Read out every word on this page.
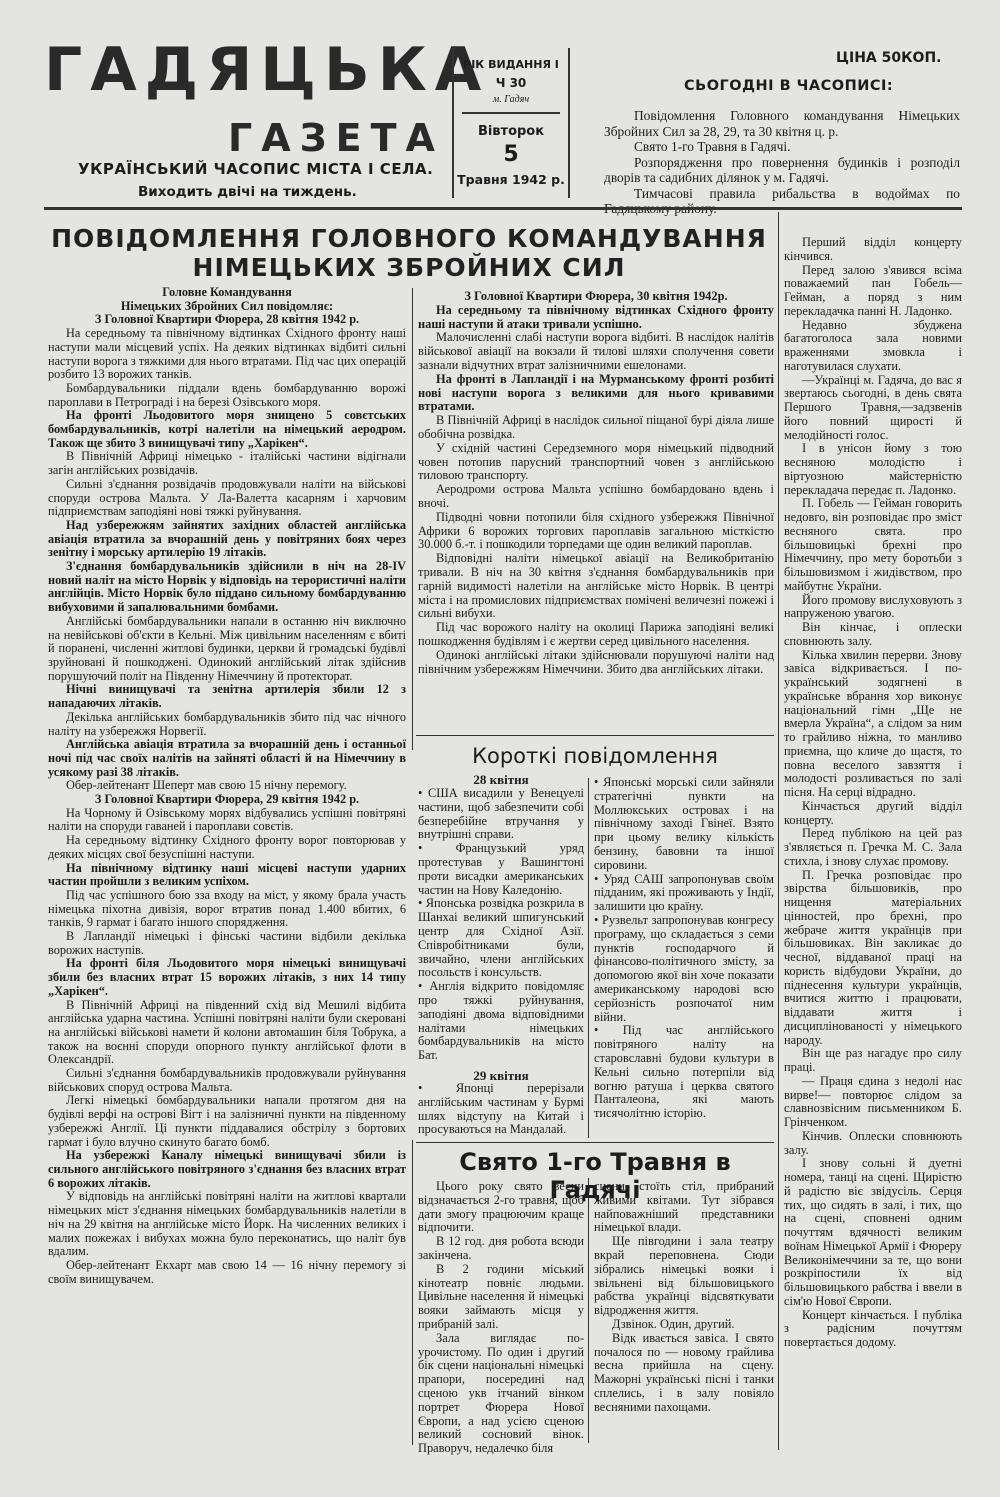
ГАДЯЦЬКА
ГАЗЕТА
УКРАЇНСЬКИЙ ЧАСОПИС МІСТА І СЕЛА.
Виходить двічі на тиждень.
РІК ВИДАННЯ І
Ч 30
м. Гадяч
Вівторок
5
Травня 1942 р.
ЦІНА 50КОП.
СЬОГОДНІ В ЧАСОПИСІ:

Повідомлення Головного командування Німецьких Збройних Сил за 28, 29, та 30 квітня ц. р.

Свято 1-го Травня в Гадячі.

Розпорядження про повернення будинків і розподіл дворів та садибних ділянок у м. Гадячі.

Тимчасові правила рибальства в водоймах по

ПОВІДОМЛЕННЯ ГОЛОВНОГО КОМАНДУВАННЯ
НІМЕЦЬКИХ ЗБРОЙНИХ СИЛ

Головне Командування

Німецьких Збройних Сил повідомляє:

З Головної Квартири Фюрера, 28 квітня 1942 р.

На середньому та північному відтинках Східного фронту наші наступи мали місцевий успіх. На деяких відтинках відбиті сильні наступи ворога з тяжкими для нього втратами. Під час цих операцій розбито 13 ворожих танків.

Бомбардувальники піддали вдень бомбардуванню ворожі пароплави в Петрограді і на березі Озівського моря.

На фронті Льодовитого моря знищено 5 совєтських бомбардувальників, котрі налетіли на німецький аеродром. Також ще збито 3 винищувачі типу „Харікен“.

В Північній Африці німецько - італійські частини відігнали загін англійських розвідачів.

Сильні з'єднання розвідачів продовжували наліти на військові споруди острова Мальта. У Ла-Валетта касарням і харчовим підприємствам заподіяні нові тяжкі руйнування.

Над узбережжям зайнятих західних областей англійська авіація втратила за вчорашній день у повітряних боях через зенітну і морську артилерію 19 літаків.

З'єднання бомбардувальників здійснили в ніч на 28-IV новий наліт на місто Норвік у відповідь на терористичні наліти англійців. Місто Норвік було піддано сильному бомбардуванню вибуховими й запалювальними бомбами.

Англійські бомбардувальники напали в останню ніч виключно на невійськові об'єкти в Кельні. Між цивільним населенням є вбиті й поранені, численні житлові будинки, церкви й громадські будівлі зруйновані й пошкоджені. Одинокий англійський літак здійснив порушуючий політ на Південну Німеччину й протекторат.

Нічні винищувачі та зенітна артилерія збили 12 з нападаючих літаків.

Декілька англійських бомбардувальників збито під час нічного наліту на узбережжя Норвегії.

Англійська авіація втратила за вчорашній день і останньої ночі під час своїх налітів на зайняті області й на Німеччину в усякому разі 38 літаків.

Обер-лейтенант Шеперт мав свою 15 нічну перемогу.

З Головної Квартири Фюрера, 29 квітня 1942 р.

На Чорному й Озівському морях відбувались успішні повітряні наліти на споруди гаваней і пароплави совєтів.

На середньому відтинку Східного фронту ворог повторював у деяких місцях свої безуспішні наступи.

На північному відтинку наші місцеві наступи ударних частин пройшли з великим успіхом.

Під час успішного бою зза входу на міст, у якому брала участь німецька піхотна дивізія, ворог втратив понад 1.400 вбитих, 6 танків, 9 гармат і багато іншого спорядження.

В Лапландії німецькі і фінські частини відбили декілька ворожих наступів.

На фронті біля Льодовитого моря німецькі винищувачі збили без власних втрат 15 ворожих літаків, з них 14 типу „Харікен“.

В Північній Африці на південний схід від Мешилі відбита англійська ударна частина. Успішні повітряні наліти були скеровані на англійські військові намети й колони автомашин біля Тобрука, а також на воєнні споруди опорного пункту англійської флоти в Олександрії.

Сильні з'єднання бомбардувальників продовжували руйнування військових споруд острова Мальта.

Легкі німецькі бомбардувальники напали протягом дня на будівлі верфі на острові Вігт і на залізничні пункти на південному узбережжі Англії. Ці пункти піддавалися обстрілу з бортових гармат і було влучно скинуто багато бомб.

На узбережжі Каналу німецькі винищувачі збили із сильного англійського повітряного з'єднання без власних втрат 6 ворожих літаків.

У відповідь на англійські повітряні наліти на житлові квартали німецьких міст з'єднання німецьких бомбардувальників налетіли в ніч на 29 квітня на англійське місто Йорк. На численних великих і малих пожежах і вибухах можна було переконатись, що наліт був вдалим.

Обер-лейтенант Екхарт мав свою 14 — 16 нічну перемогу зі своїм винищувачем.

З Головної Квартири Фюрера, 30 квітня 1942р.

На середньому та північному відтинках Східного фронту наші наступи й атаки тривали успішно.

Малочисленні слабі наступи ворога відбиті. В наслідок налітів військової авіації на вокзали й тилові шляхи сполучення совети зазнали відчутних втрат залізничними ешелонами.

На фронті в Лапландії і на Мурманському фронті розбиті нові наступи ворога з великими для нього кривавими втратами.

В Північній Африці в наслідок сильної піщаної бурі діяла лише обобічна розвідка.

У східній частині Середземного моря німецький підводний човен потопив парусний транспортний човен з англійською тиловою транспорту.

Аеродроми острова Мальта успішно бомбардовано вдень і вночі.

Підводні човни потопили біля східного узбережжя Північної Африки 6 ворожих торгових пароплавів загальною місткістю 30.000 б.-т. і пошкодили торпедами ще один великий пароплав.

Відповідні наліти німецької авіації на Великобританію тривали. В ніч на 30 квітня з'єднання бомбардувальників при гарній видимості налетіли на англійське місто Норвік. В центрі міста і на промислових підприємствах помічені величезні пожежі і сильні вибухи.

Під час ворожого наліту на околиці Парижа заподіяні великі пошкодження будівлям і є жертви серед цивільного населення.

Одинокі англійські літаки здійснювали порушуючі наліти над північним узбережжям Німеччини. Збито два англійських літаки.

Короткі повідомлення
28 квітня

• США висадили у Венецуелі частини, щоб забезпечити собі безперебійне втручання у внутрішні справи.

• Французький уряд протестував у Вашингтоні проти висадки американських частин на Нову Каледонію.

• Японська розвідка розкрила в Шанхаі великий шпигунський центр для Східної Азії. Співробітниками були, звичайно, члени англійських посольств і консульств.

• Англія відкрито повідомляє про тяжкі руйнування, заподіяні двома відповідними налітами німецьких бомбардувальників на місто Бат.

29 квітня

• Японці перерізали англійським частинам у Бурмі шлях відступу на Китай і просуваються на Мандалай.

• Японські морські сили зайняли стратегічні пункти на Моллюкських островах і на північному заході Гвінеї. Взято при цьому велику кількість бензину, бавовни та іншої сировини.

• Уряд САШ запропонував своїм підданим, які проживають у Індії, залишити цю країну.

• Рузвельт запропонував конгресу програму, що складається з семи пунктів господарчого й фінансово-політичного змісту, за допомогою якої він хоче показати американському народові всю серйозність розпочатої ним війни.

• Під час англійського повітряного наліту на старовславні будови культури в Кельні сильно потерпіли від вогню ратуша і церква святого Панталеона, які мають тисячолітню історію.

Свято 1-го Травня в Гадячі

Цього року свято весни відзначається 2-го травня, щоб дати змогу працюючим краще відпочити.

В 12 год. дня робота всюди закінчена.

В 2 години міський кінотеатр повніє людьми. Цивільне населення й німецькі вояки займають місця у прибраній залі.

Зала виглядає по-урочистому. По один і другий бік сцени національні німецькі прапори, посередині над сценою укв ітчаний вінком портрет Фюрера Нової Європи, а над усією сценою великий сосновий вінок. Праворуч, недалечко біля

сцени, стоїть стіл, прибраний живими квітами. Тут зібрався найповажніший представники німецької влади.

Ще півгодини і зала театру вкрай переповнена. Сюди зібрались німецькі вояки і звільнені від більшовицького рабства українці відсвяткувати відродження життя.

Дзвінок. Один, другий.

Відк ивається завіса. І свято почалося по — новому грайлива весна прийшла на сцену. Мажорні українські пісні і танки сплелись, і в залу повіяло весняними пахощами.

Перший відділ концерту кінчився.

Перед залою з'явився всіма поважаемий пан Гобель—Гейман, а поряд з ним перекладачка панні Н. Ладонко.

Недавно збуджена багатоголоса зала новими враженнями змовкла і наготувилася слухати.

—Українці м. Гадяча, до вас я звертаюсь сьогодні, в день свята Першого Травня,—задзвенів його повний щирості й мелодійності голос.

І в унісон йому з тою весняною молодістю і віртуозною майстерністю перекладача передає п. Ладонко.

П. Гобель — Гейман говорить недовго, він розповідає про зміст весняного свята. про більшовицькі брехні про Німеччину, про мету боротьби з більшовизмом і жидівством, про майбутнє України.

Його промову вислуховують з напруженою увагою.

Він кінчає, і оплески сповнюють залу.

Кілька хвилин перерви. Знову завіса відкривається. І по-український зодягнені в українське вбрання хор виконує національний гімн „Ще не вмерла Україна“, а слідом за ним то грайливо ніжна, то манливо приємна, що кличе до щастя, то повна веселого завзяття і молодості розливається по залі пісня. На серці відрадно.

Кінчається другий відділ концерту.

Перед публікою на цей раз з'являється п. Гречка М. С. Зала стихла, і знову слухає промову.

П. Гречка розповідає про звірства більшовиків, про нищення матеріальних цінностей, про брехні, про жебраче життя українців при більшовиках. Він закликає до чесної, віддаваної праці на користь відбудови України, до піднесення культури українців, вчитися життю і працювати, віддавати життя і дисциплінованості у німецького народу.

Він ще раз нагадує про силу праці.

— Праця єдина з недолі нас вирве!— повторює слідом за славнозвісним письменником Б. Грінченком.

Кінчив. Оплески сповнюють залу.

І знову сольні й дуетні номера, танці на сцені. Щирістю й радістю віє звідусіль. Серця тих, що сидять в залі, і тих, що на сцені, сповнені одним почуттям вдячності великим воїнам Німецької Армії і Фюреру Великонімеччини за те, що вони розкріпостили їх від більшовицького рабства і ввели в сім'ю Нової Європи.

Концерт кінчається. І публіка з радісним почуттям повертається додому.
